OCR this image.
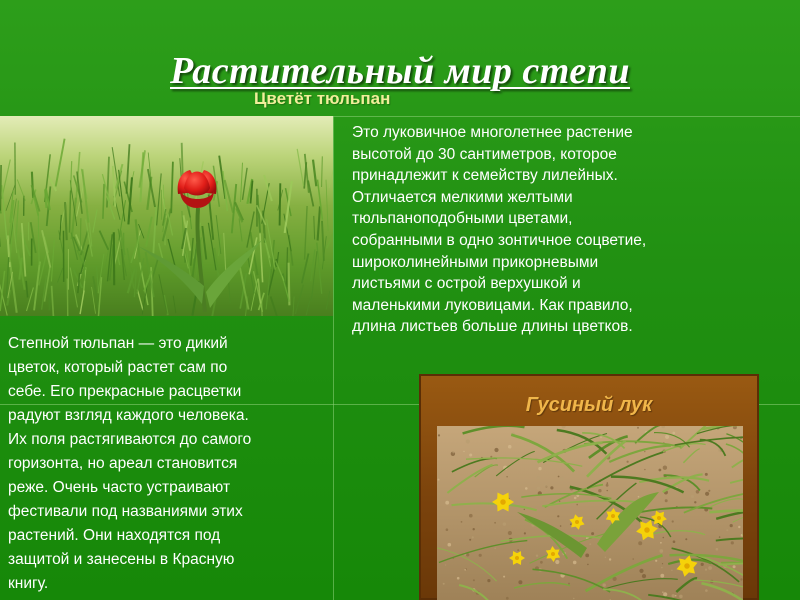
Растительный мир степи
Цветёт тюльпан

Это луковичное многолетнее растение
высотой до 30 сантиметров, которое
принадлежит к семейству лилейных.
Отличается мелкими желтыми
тюльпаноподобными цветами,
собранными в одно зонтичное соцветие,
широколинейными прикорневыми
листьями с острой верхушкой и
маленькими луковицами. Как правило,
длина листьев больше длины цветков.

Степной тюльпан — это дикий
цветок, который растет сам по
себе. Его прекрасные расцветки
радуют взгляд каждого человека.
Их поля растягиваются до самого
горизонта, но ареал становится
реже. Очень часто устраивают
фестивали под названиями этих
растений. Они находятся под
защитой и занесены в Красную
книгу.

Гусиный лук
